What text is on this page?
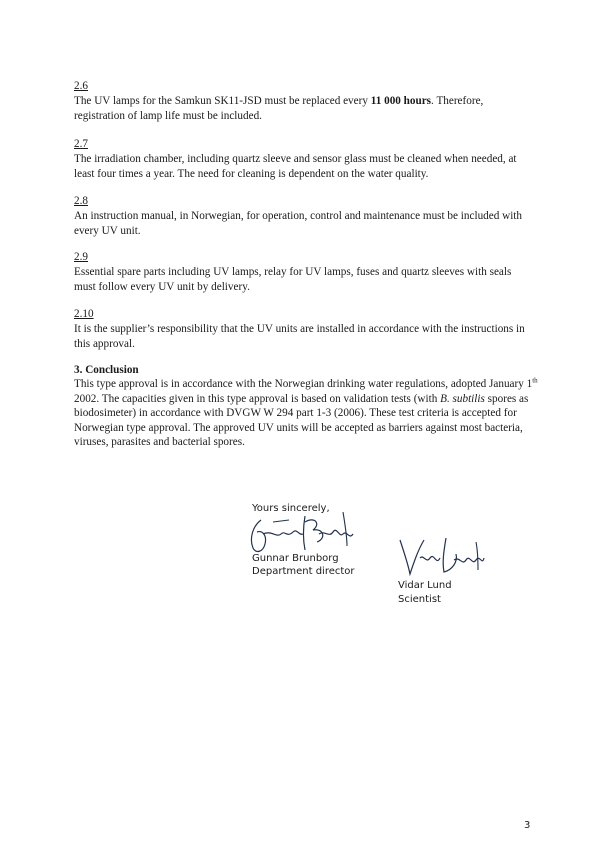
2.6
The UV lamps for the Samkun SK11-JSD must be replaced every 11 000 hours. Therefore, registration of lamp life must be included.
2.7
The irradiation chamber, including quartz sleeve and sensor glass must be cleaned when needed, at least four times a year. The need for cleaning is dependent on the water quality.
2.8
An instruction manual, in Norwegian, for operation, control and maintenance must be included with every UV unit.
2.9
Essential spare parts including UV lamps, relay for UV lamps, fuses and quartz sleeves with seals must follow every UV unit by delivery.
2.10
It is the supplier’s responsibility that the UV units are installed in accordance with the instructions in this approval.
3. Conclusion
This type approval is in accordance with the Norwegian drinking water regulations, adopted January 1th 2002. The capacities given in this type approval is based on validation tests (with B. subtilis spores as biodosimeter) in accordance with DVGW W 294 part 1-3 (2006). These test criteria is accepted for Norwegian type approval. The approved UV units will be accepted as barriers against most bacteria, viruses, parasites and bacterial spores.
Yours sincerely,
Gunnar Brunborg
Department director
Vidar Lund
Scientist
3
